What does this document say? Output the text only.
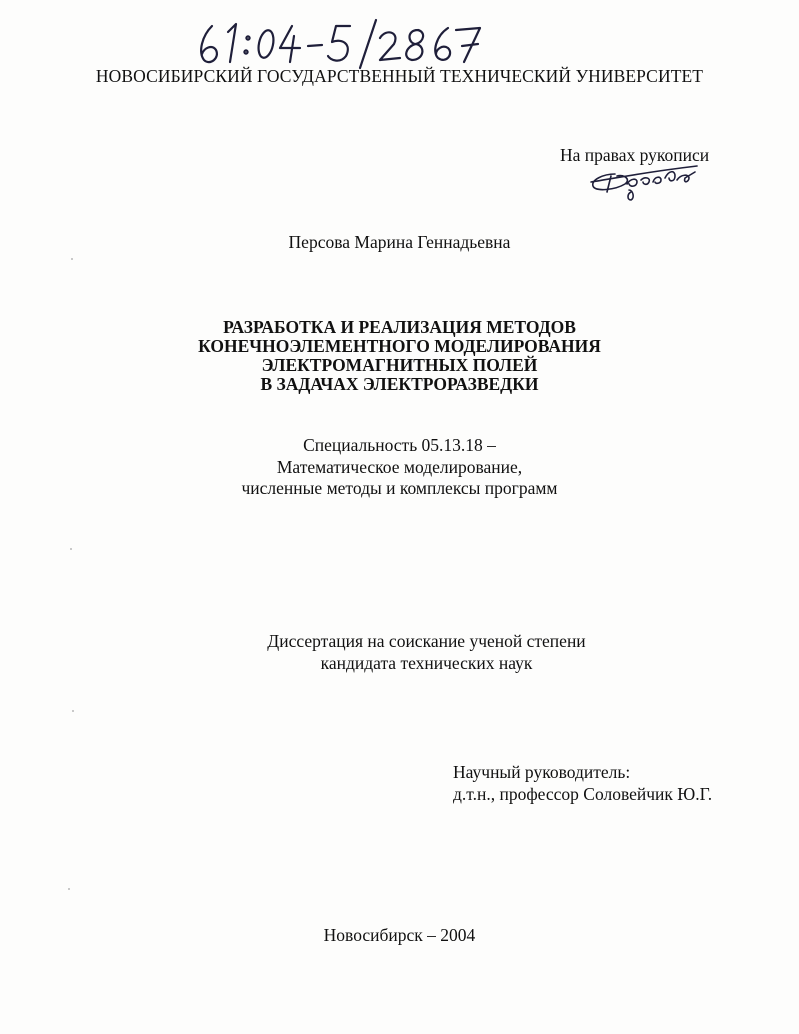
НОВОСИБИРСКИЙ ГОСУДАРСТВЕННЫЙ ТЕХНИЧЕСКИЙ УНИВЕРСИТЕТ
На правах рукописи
Персова Марина Геннадьевна
РАЗРАБОТКА И РЕАЛИЗАЦИЯ МЕТОДОВ
КОНЕЧНОЭЛЕМЕНТНОГО МОДЕЛИРОВАНИЯ
ЭЛЕКТРОМАГНИТНЫХ ПОЛЕЙ
В ЗАДАЧАХ ЭЛЕКТРОРАЗВЕДКИ
Специальность 05.13.18 –
Математическое моделирование,
численные методы и комплексы программ
Диссертация на соискание ученой степени
кандидата технических наук
Научный руководитель:
д.т.н., профессор Соловейчик Ю.Г.
Новосибирск – 2004
